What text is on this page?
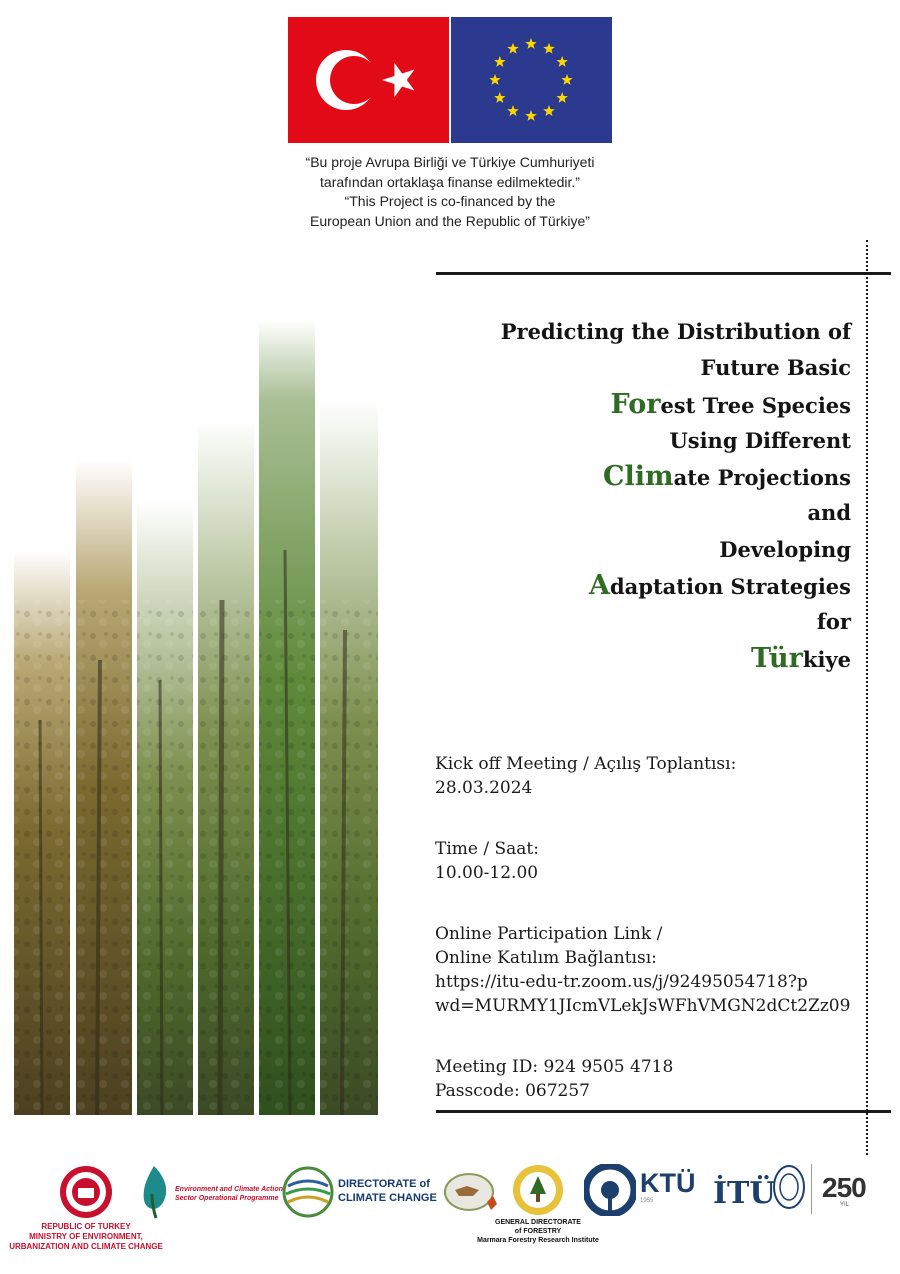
“Bu proje Avrupa Birliği ve Türkiye Cumhuriyeti
tarafından ortaklaşa finanse edilmektedir.”
“This Project is co-financed by the
European Union and the Republic of Türkiye”
Predicting the Distribution of
Future Basic
Forest Tree Species
Using Different
Climate Projections
and
Developing
Adaptation Strategies
for
Türkiye
Kick off Meeting / Açılış Toplantısı:
28.03.2024
Time / Saat:
10.00-12.00
Online Participation Link /
Online Katılım Bağlantısı:
https://itu-edu-tr.zoom.us/j/92495054718?p
wd=MURMY1JIcmVLekJsWFhVMGN2dCt2Zz09
Meeting ID: 924 9505 4718
Passcode: 067257
REPUBLIC OF TURKEY
MINISTRY OF ENVIRONMENT,
URBANIZATION AND CLIMATE CHANGE
Environment and Climate Action
Sector Operational Programme
DIRECTORATE of
CLIMATE CHANGE
GENERAL DIRECTORATE
of FORESTRY
Marmara Forestry Research Institute
KTÜ
1955 İTÜ 250
YIL
